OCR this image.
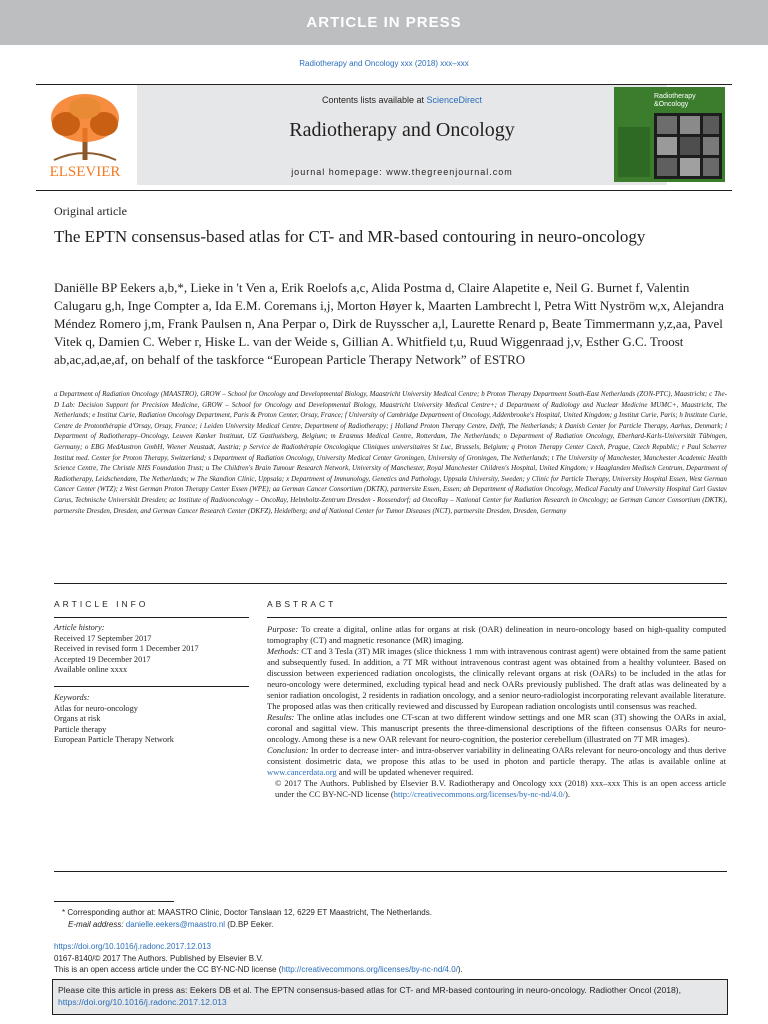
ARTICLE IN PRESS
Radiotherapy and Oncology xxx (2018) xxx–xxx
ELSEVIER
Contents lists available at ScienceDirect
Radiotherapy and Oncology
journal homepage: www.thegreenjournal.com
Radiotherapy
&Oncology
Original article
The EPTN consensus-based atlas for CT- and MR-based contouring in neuro-oncology
Daniëlle BP Eekers a,b,*, Lieke in 't Ven a, Erik Roelofs a,c, Alida Postma d, Claire Alapetite e, Neil G. Burnet f, Valentin Calugaru g,h, Inge Compter a, Ida E.M. Coremans i,j, Morton Høyer k, Maarten Lambrecht l, Petra Witt Nyström w,x, Alejandra Méndez Romero j,m, Frank Paulsen n, Ana Perpar o, Dirk de Ruysscher a,l, Laurette Renard p, Beate Timmermann y,z,aa, Pavel Vitek q, Damien C. Weber r, Hiske L. van der Weide s, Gillian A. Whitfield t,u, Ruud Wiggenraad j,v, Esther G.C. Troost ab,ac,ad,ae,af, on behalf of the taskforce “European Particle Therapy Network” of ESTRO
a Department of Radiation Oncology (MAASTRO), GROW – School for Oncology and Developmental Biology, Maastricht University Medical Centre; b Proton Therapy Department South-East Netherlands (ZON-PTC), Maastricht; c The-D Lab: Decision Support for Precision Medicine, GROW – School for Oncology and Developmental Biology, Maastricht University Medical Centre+; d Department of Radiology and Nuclear Medicine MUMC+, Maastricht, The Netherlands; e Institut Curie, Radiation Oncology Department, Paris & Proton Center, Orsay, France; f University of Cambridge Department of Oncology, Addenbrooke's Hospital, United Kingdom; g Institut Curie, Paris; h Institute Curie, Centre de Protonthérapie d'Orsay, Orsay, France; i Leiden University Medical Centre, Department of Radiotherapy; j Holland Proton Therapy Centre, Delft, The Netherlands; k Danish Center for Particle Therapy, Aarhus, Denmark; l Department of Radiotherapy–Oncology, Leuven Kanker Instituut, UZ Gasthuisberg, Belgium; m Erasmus Medical Centre, Rotterdam, The Netherlands; n Department of Radiation Oncology, Eberhard-Karls-Universität Tübingen, Germany; o EBG MedAustron GmbH, Wiener Neustadt, Austria; p Service de Radiothérapie Oncologique Cliniques universitaires St Luc, Brussels, Belgium; q Proton Therapy Center Czech, Prague, Czech Republic; r Paul Scherrer Institut med. Center for Proton Therapy, Switzerland; s Department of Radiation Oncology, University Medical Center Groningen, University of Groningen, The Netherlands; t The University of Manchester, Manchester Academic Health Science Centre, The Christie NHS Foundation Trust; u The Children's Brain Tumour Research Network, University of Manchester, Royal Manchester Children's Hospital, United Kingdom; v Haaglanden Medisch Centrum, Department of Radiotherapy, Leidschendam, The Netherlands; w The Skandion Clinic, Uppsala; x Department of Immunology, Genetics and Pathology, Uppsala University, Sweden; y Clinic for Particle Therapy, University Hospital Essen, West German Cancer Center (WTZ); z West German Proton Therapy Center Essen (WPE); aa German Cancer Consortium (DKTK), partnersite Essen, Essen; ab Department of Radiation Oncology, Medical Faculty and University Hospital Carl Gustav Carus, Technische Universität Dresden; ac Institute of Radiooncology – OncoRay, Helmholtz-Zentrum Dresden - Rossendorf; ad OncoRay – National Center for Radiation Research in Oncology; ae German Cancer Consortium (DKTK), partnersite Dresden, Dresden, and German Cancer Research Center (DKFZ), Heidelberg; and af National Center for Tumor Diseases (NCT), partnersite Dresden, Dresden, Germany
ARTICLE INFO	ABSTRACT
Article history:
Received 17 September 2017
Received in revised form 1 December 2017
Accepted 19 December 2017
Available online xxxx
Keywords:
Atlas for neuro-oncology
Organs at risk
Particle therapy
European Particle Therapy Network

Purpose: To create a digital, online atlas for organs at risk (OAR) delineation in neuro-oncology based on high-quality computed tomography (CT) and magnetic resonance (MR) imaging.

Methods: CT and 3 Tesla (3T) MR images (slice thickness 1 mm with intravenous contrast agent) were obtained from the same patient and subsequently fused. In addition, a 7T MR without intravenous contrast agent was obtained from a healthy volunteer. Based on discussion between experienced radiation oncologists, the clinically relevant organs at risk (OARs) to be included in the atlas for neuro-oncology were determined, excluding typical head and neck OARs previously published. The draft atlas was delineated by a senior radiation oncologist, 2 residents in radiation oncology, and a senior neuro-radiologist incorporating relevant available literature. The proposed atlas was then critically reviewed and discussed by European radiation oncologists until consensus was reached.

Results: The online atlas includes one CT-scan at two different window settings and one MR scan (3T) showing the OARs in axial, coronal and sagittal view. This manuscript presents the three-dimensional descriptions of the fifteen consensus OARs for neuro-oncology. Among these is a new OAR relevant for neuro-cognition, the posterior cerebellum (illustrated on 7T MR images).

Conclusion: In order to decrease inter- and intra-observer variability in delineating OARs relevant for neuro-oncology and thus derive consistent dosimetric data, we propose this atlas to be used in photon and particle therapy. The atlas is available online at www.cancerdata.org and will be updated whenever required.

© 2017 The Authors. Published by Elsevier B.V. Radiotherapy and Oncology xxx (2018) xxx–xxx This is an open access article under the CC BY-NC-ND license (http://creativecommons.org/licenses/by-nc-nd/4.0/).

* Corresponding author at: MAASTRO Clinic, Doctor Tanslaan 12, 6229 ET Maastricht, The Netherlands.
E-mail address: danielle.eekers@maastro.nl (D.BP Eeker.
https://doi.org/10.1016/j.radonc.2017.12.013
0167-8140/© 2017 The Authors. Published by Elsevier B.V.
This is an open access article under the CC BY-NC-ND license (http://creativecommons.org/licenses/by-nc-nd/4.0/).
Please cite this article in press as: Eekers DB et al. The EPTN consensus-based atlas for CT- and MR-based contouring in neuro-oncology. Radiother Oncol (2018), https://doi.org/10.1016/j.radonc.2017.12.013
